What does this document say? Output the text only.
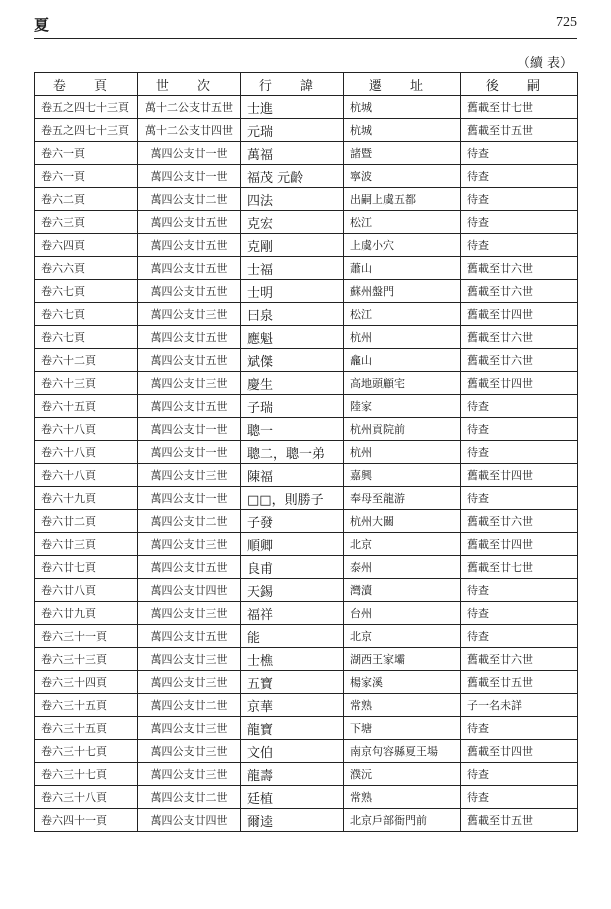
夏	725
（續 表）
卷 頁	世 次	行 諱	遷 址	後 嗣
卷五之四七十三頁	萬十二公支廿五世	士進	杭城	舊載至廿七世
卷五之四七十三頁	萬十二公支廿四世	元瑞	杭城	舊載至廿五世
卷六一頁	萬四公支廿一世	萬福	諸暨	待查
卷六一頁	萬四公支廿一世	福茂 元齡	寧波	待查
卷六二頁	萬四公支廿二世	四法	出嗣上虞五都	待查
卷六三頁	萬四公支廿五世	克宏	松江	待查
卷六四頁	萬四公支廿五世	克剛	上虞小穴	待查
卷六六頁	萬四公支廿五世	士福	蕭山	舊載至廿六世
卷六七頁	萬四公支廿五世	士明	蘇州盤門	舊載至廿六世
卷六七頁	萬四公支廿三世	曰泉	松江	舊載至廿四世
卷六七頁	萬四公支廿五世	應魁	杭州	舊載至廿六世
卷六十二頁	萬四公支廿五世	斌傑	龕山	舊載至廿六世
卷六十三頁	萬四公支廿三世	慶生	高地頭顧宅	舊載至廿四世
卷六十五頁	萬四公支廿五世	子瑞	陸家	待查
卷六十八頁	萬四公支廿一世	聰一	杭州貢院前	待查
卷六十八頁	萬四公支廿一世	聰二，聰一弟	杭州	待查
卷六十八頁	萬四公支廿三世	陳福	嘉興	舊載至廿四世
卷六十九頁	萬四公支廿一世	□□，則勝子	奉母至龍游	待查
卷六廿二頁	萬四公支廿二世	子發	杭州大關	舊載至廿六世
卷六廿三頁	萬四公支廿三世	順卿	北京	舊載至廿四世
卷六廿七頁	萬四公支廿五世	良甫	泰州	舊載至廿七世
卷六廿八頁	萬四公支廿四世	天錫	灣瀆	待查
卷六廿九頁	萬四公支廿三世	福祥	台州	待查
卷六三十一頁	萬四公支廿五世	能	北京	待查
卷六三十三頁	萬四公支廿三世	士樵	湖西王家壩	舊載至廿六世
卷六三十四頁	萬四公支廿三世	五寶	楊家溪	舊載至廿五世
卷六三十五頁	萬四公支廿二世	京華	常熟	子一名未詳
卷六三十五頁	萬四公支廿三世	龍寶	下塘	待查
卷六三十七頁	萬四公支廿三世	文伯	南京句容縣夏王場	舊載至廿四世
卷六三十七頁	萬四公支廿三世	龍壽	濮沅	待查
卷六三十八頁	萬四公支廿二世	廷植	常熟	待查
卷六四十一頁	萬四公支廿四世	爾逵	北京戶部衙門前	舊載至廿五世
